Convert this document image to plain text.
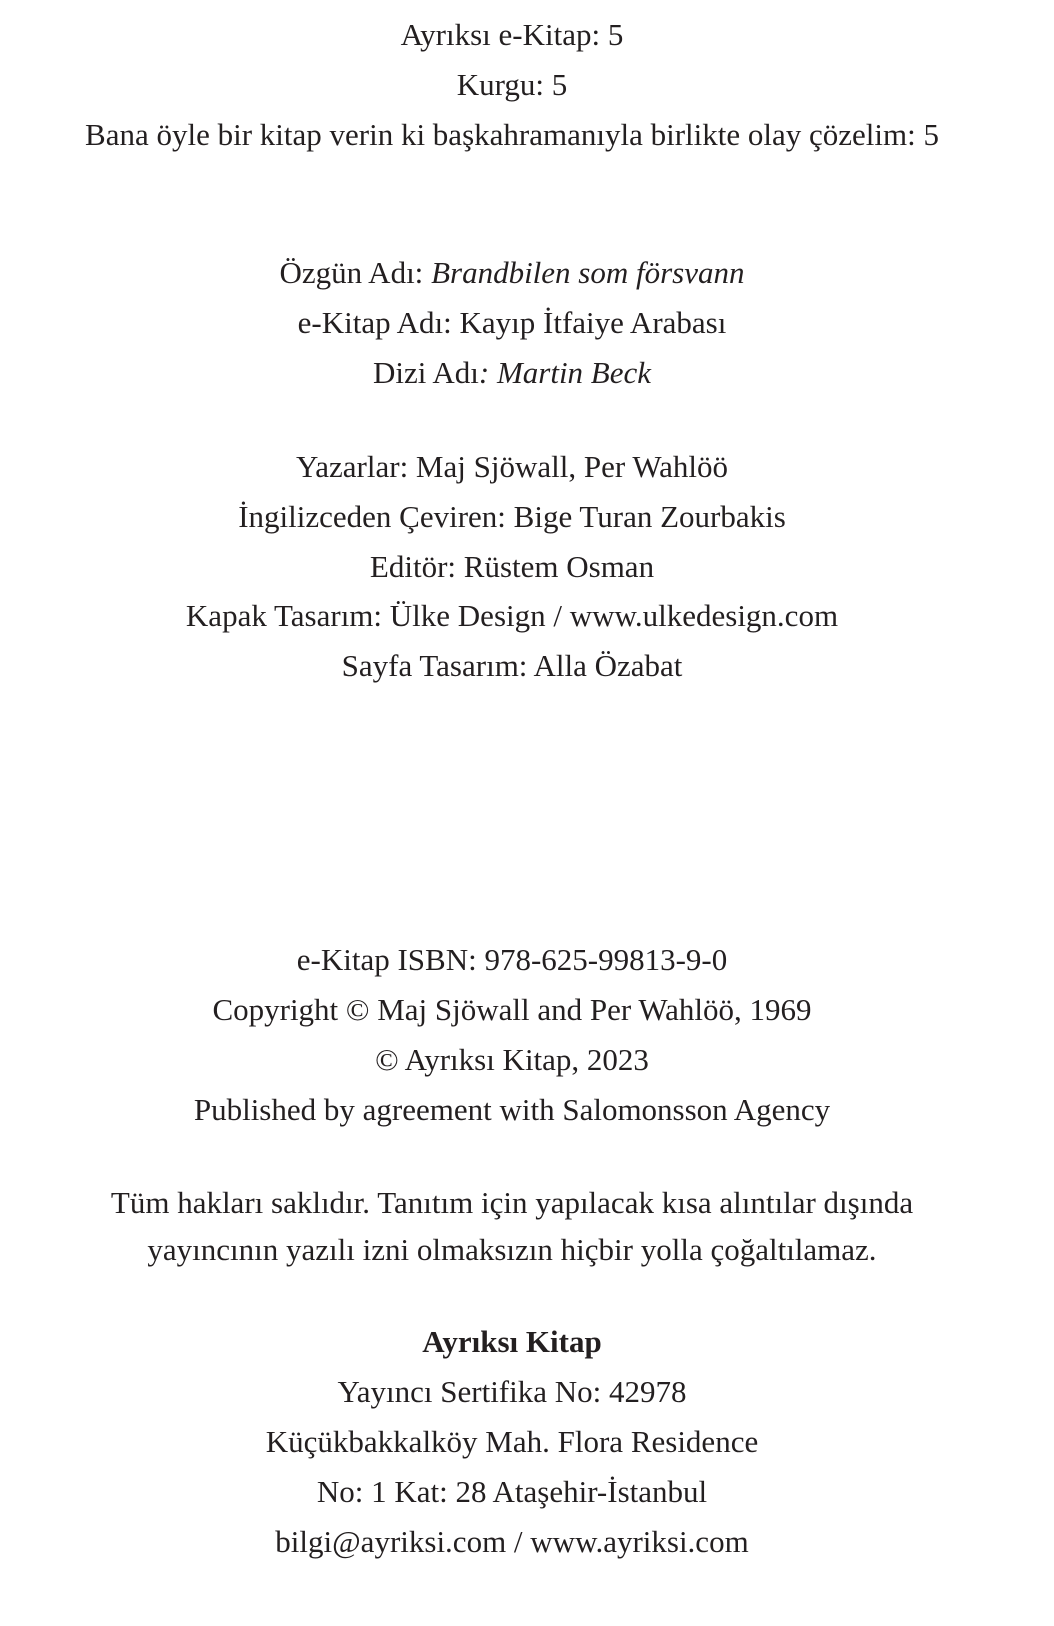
Ayrıksı e-Kitap: 5
Kurgu: 5
Bana öyle bir kitap verin ki başkahramanıyla birlikte olay çözelim: 5
Özgün Adı: Brandbilen som försvann
e-Kitap Adı: Kayıp İtfaiye Arabası
Dizi Adı: Martin Beck
Yazarlar: Maj Sjöwall, Per Wahlöö
İngilizceden Çeviren: Bige Turan Zourbakis
Editör: Rüstem Osman
Kapak Tasarım: Ülke Design / www.ulkedesign.com
Sayfa Tasarım: Alla Özabat
e-Kitap ISBN: 978-625-99813-9-0
Copyright © Maj Sjöwall and Per Wahlöö, 1969
© Ayrıksı Kitap, 2023
Published by agreement with Salomonsson Agency
Tüm hakları saklıdır. Tanıtım için yapılacak kısa alıntılar dışında
yayıncının yazılı izni olmaksızın hiçbir yolla çoğaltılamaz.
Ayrıksı Kitap
Yayıncı Sertifika No: 42978
Küçükbakkalköy Mah. Flora Residence
No: 1 Kat: 28 Ataşehir-İstanbul
bilgi@ayriksi.com / www.ayriksi.com
